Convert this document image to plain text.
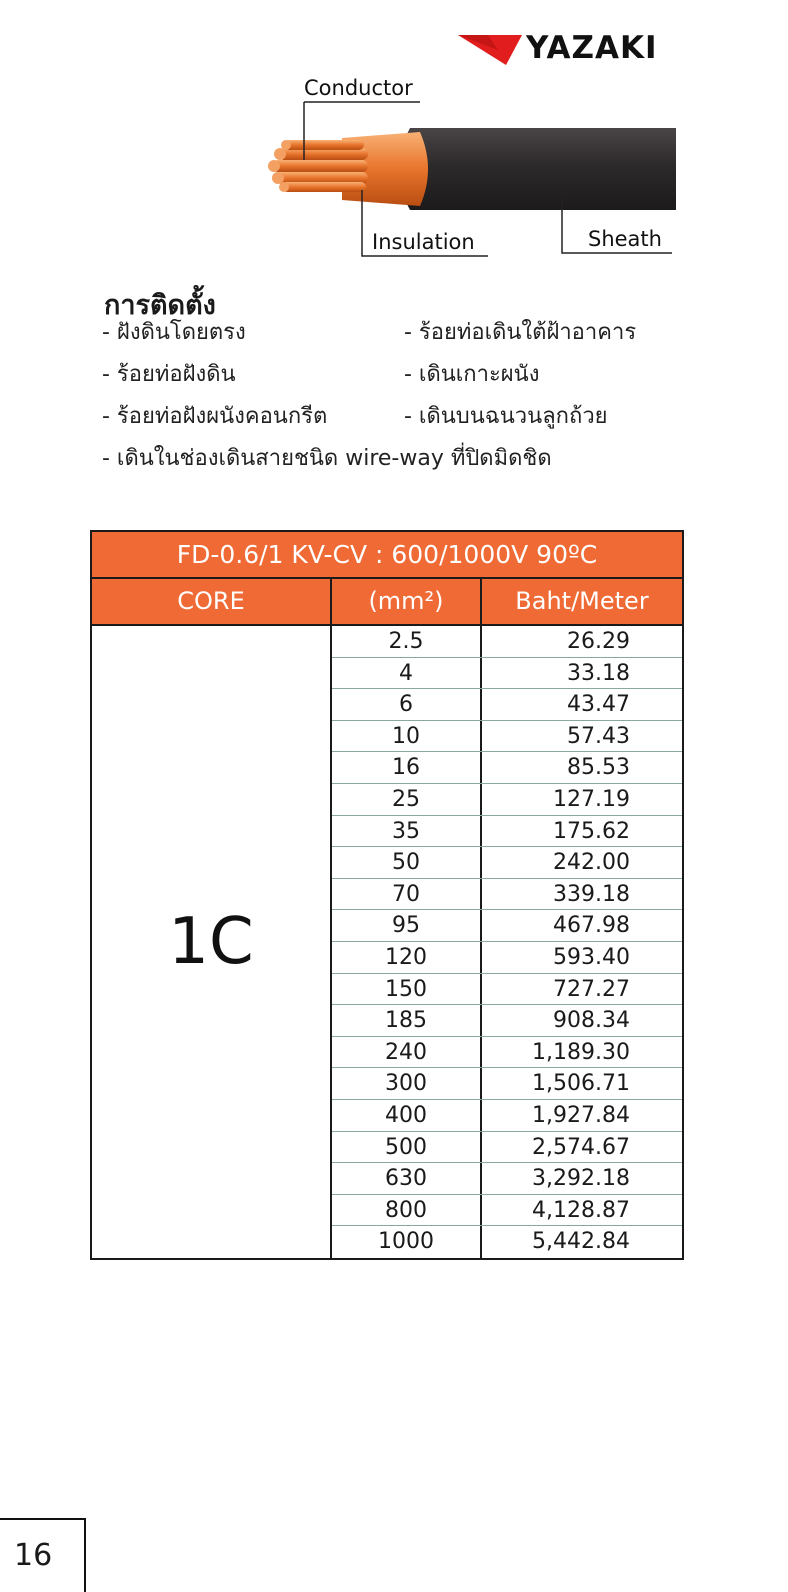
YAZAKI
Conductor
Insulation	Sheath
การติดตั้ง
- ฝังดินโดยตรง	- ร้อยท่อเดินใต้ฝ้าอาคาร
- ร้อยท่อฝังดิน	- เดินเกาะผนัง
- ร้อยท่อฝังผนังคอนกรีต	- เดินบนฉนวนลูกถ้วย
- เดินในช่องเดินสายชนิด wire-way ที่ปิดมิดชิด
FD-0.6/1 KV-CV : 600/1000V 90ºC
CORE	(mm²)	Baht/Meter
1C
2.5	26.29
4	33.18
6	43.47
10	57.43
16	85.53
25	127.19
35	175.62
50	242.00
70	339.18
95	467.98
120	593.40
150	727.27
185	908.34
240	1,189.30
300	1,506.71
400	1,927.84
500	2,574.67
630	3,292.18
800	4,128.87
1000	5,442.84
16
